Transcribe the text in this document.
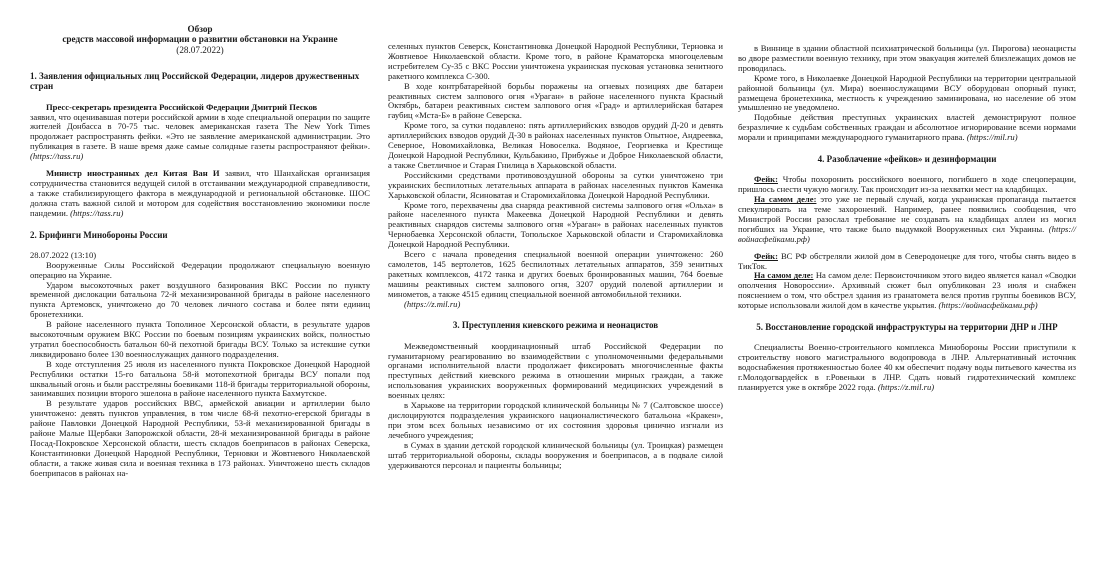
Обзор
средств массовой информации о развитии обстановки на Украине
(28.07.2022)
1. Заявления официальных лиц Российской Федерации, лидеров дружественных стран

Пресс-секретарь президента Российской Федерации Дмитрий Песков

заявил, что оценивавшая потери российской армии в ходе специальной операции по защите жителей Донбасса в 70-75 тыс. человек американская газета The New York Times продолжает распространять фейки. «Это не заявление американской администрации. Это публикация в газете. В наше время даже самые солидные газеты распространяют фейки». (https://tass.ru)

Министр иностранных дел Китая Ван И заявил, что Шанхайская организация сотрудничества становится ведущей силой в отстаивании международной справедливости, а также стабилизирующего фактора в международной и региональной обстановке. ШОС должна стать важной силой и мотором для содействия восстановлению экономики после пандемии. (https://tass.ru)

2. Брифинги Минобороны России

28.07.2022 (13:10)

Вооруженные Силы Российской Федерации продолжают специальную военную операцию на Украине.

Ударом высокоточных ракет воздушного базирования ВКС России по пункту временной дислокации батальона 72-й механизированной бригады в районе населенного пункта Артемовск, уничтожено до 70 человек личного состава и более пяти единиц бронетехники.

В районе населенного пункта Тополиное Херсонской области, в результате ударов высокоточным оружием ВКС России по боевым позициям украинских войск, полностью утратил боеспособность батальон 60-й пехотной бригады ВСУ. Только за истекшие сутки ликвидировано более 130 военнослужащих данного подразделения.

В ходе отступления 25 июля из населенного пункта Покровское Донецкой Народной Республики остатки 15-го батальона 58-й мотопехотной бригады ВСУ попали под шквальный огонь и были расстреляны боевиками 118-й бригады территориальной обороны, занимавших позиции второго эшелона в районе населенного пункта Бахмутское.

В результате ударов российских ВВС, армейской авиации и артиллерии было уничтожено: девять пунктов управления, в том числе 68-й пехотно-егерской бригады в районе Павловки Донецкой Народной Республики, 53-й механизированной бригады в районе Малые Щербаки Запорожской области, 28-й механизированной бригады в районе Посад-Покровское Херсонской области, шесть складов боеприпасов в районах Северска, Константиновки Донецкой Народной Республики, Терновки и Жовтневого Николаевской области, а также живая сила и военная техника в 173 районах. Уничтожено шесть складов боеприпасов в районах на-

селенных пунктов Северск, Константиновка Донецкой Народной Республики, Терновка и Жовтневое Николаевской области. Кроме того, в районе Краматорска многоцелевым истребителем Су-35 с ВКС России уничтожена украинская пусковая установка зенитного ракетного комплекса С-300.

В ходе контрбатарейной борьбы поражены на огневых позициях две батареи реактивных систем залпового огня «Ураган» в районе населенного пункта Красный Октябрь, батареи реактивных систем залпового огня «Град» и артиллерийская батарея гаубиц «Мста-Б» в районе Северска.

Кроме того, за сутки подавлено: пять артиллерийских взводов орудий Д-20 и девять артиллерийских взводов орудий Д-30 в районах населенных пунктов Опытное, Андреевка, Северное, Новомихайловка, Великая Новоселка. Водяное, Георгиевка и Крестище Донецкой Народной Республики, Кульбакино, Прибужье и Доброе Николаевской области, а также Светличное и Старая Гнилица в Харьковской области.

Российскими средствами противовоздушной обороны за сутки уничтожено три украинских беспилотных летательных аппарата в районах населенных пунктов Каменка Харьковской области, Ясиноватая и Старомихайловка Донецкой Народной Республики.

Кроме того, перехвачены два снаряда реактивной системы залпового огня «Ольха» в районе населенного пункта Макеевка Донецкой Народной Республики и девять реактивных снарядов системы залпового огня «Ураган» в районах населенных пунктов Чернобаевка Херсонской области, Топольское Харьковской области и Старомихайловка Донецкой Народной Республики.

Всего с начала проведения специальной военной операции уничтожено: 260 самолетов, 145 вертолетов, 1625 беспилотных летательных аппаратов, 359 зенитных ракетных комплексов, 4172 танка и других боевых бронированных машин, 764 боевые машины реактивных систем залпового огня, 3207 орудий полевой артиллерии и минометов, а также 4515 единиц специальной военной автомобильной техники.

(https://z.mil.ru)

3. Преступления киевского режима и неонацистов

Межведомственный координационный штаб Российской Федерации по гуманитарному реагированию во взаимодействии с уполномоченными федеральными органами исполнительной власти продолжает фиксировать многочисленные факты преступных действий киевского режима в отношении мирных граждан, а также использования украинских вооруженных формирований медицинских учреждений в военных целях:

в Харькове на территории городской клинической больницы № 7 (Салтовское шоссе) дислоцируются подразделения украинского националистического батальона «Кракен», при этом всех больных независимо от их состояния здоровья цинично изгнали из лечебного учреждения;

в Сумах в здании детской городской клинической больницы (ул. Троицкая) размещен штаб территориальной обороны, склады вооружения и боеприпасов, а в подвале силой удерживаются персонал и пациенты больницы;

в Виннице в здании областной психиатрической больницы (ул. Пирогова) неонацисты во дворе разместили военную технику, при этом эвакуация жителей близлежащих домов не проводилась.

Кроме того, в Николаевке Донецкой Народной Республики на территории центральной районной больницы (ул. Мира) военнослужащими ВСУ оборудован опорный пункт, размещена бронетехника, местность к учреждению заминирована, но население об этом умышленно не уведомлено.

Подобные действия преступных украинских властей демонстрируют полное безразличие к судьбам собственных граждан и абсолютное игнорирование всеми нормами морали и принципами международного гуманитарного права. (https://mil.ru)

4. Разоблачение «фейков» и дезинформации

Фейк: Чтобы похоронить российского военного, погибшего в ходе спецоперации, пришлось снести чужую могилу. Так происходит из-за нехватки мест на кладбищах.

На самом деле: это уже не первый случай, когда украинская пропаганда пытается спекулировать на теме захоронений. Например, ранее появились сообщения, что Министрой России разослал требование не создавать на кладбищах аллеи из могил погибших на Украине, что также было выдумкой Вооруженных сил Украины. (https://войнасфейками.рф)

Фейк: ВС РФ обстреляли жилой дом в Северодонецке для того, чтобы снять видео в ТикТок.

На самом деле: На самом деле: Первоисточником этого видео является канал «Сводки ополчения Новороссии». Архивный сюжет был опубликован 23 июля и снабжен пояснением о том, что обстрел здания из гранатомета велся против группы боевиков ВСУ, которые использовали жилой дом в качестве укрытия. (https://войнасфейками.рф)

5. Восстановление городской инфраструктуры на территории ДНР и ЛНР

Специалисты Военно-строительного комплекса Минобороны России приступили к строительству нового магистрального водопровода в ЛНР. Альтернативный источник водоснабжения протяженностью более 40 км обеспечит подачу воды питьевого качества из г.Молодогвардейск в г.Ровеньки в ЛНР. Сдать новый гидротехнический комплекс планируется уже в октябре 2022 года. (https://z.mil.ru)
